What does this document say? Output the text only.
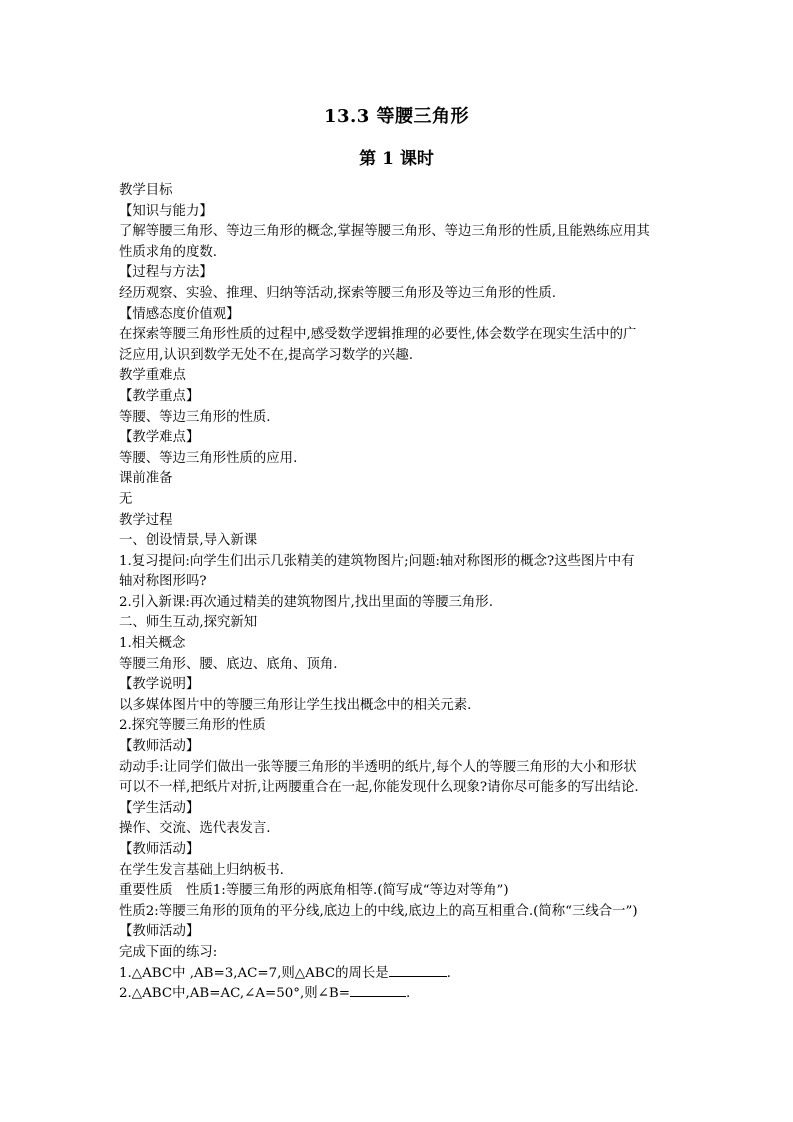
13.3 等腰三角形
第 1 课时
教学目标
【知识与能力】
了解等腰三角形、等边三角形的概念,掌握等腰三角形、等边三角形的性质,且能熟练应用其
性质求角的度数.
【过程与方法】
经历观察、实验、推理、归纳等活动,探索等腰三角形及等边三角形的性质.
【情感态度价值观】
在探索等腰三角形性质的过程中,感受数学逻辑推理的必要性,体会数学在现实生活中的广
泛应用,认识到数学无处不在,提高学习数学的兴趣.
教学重难点
【教学重点】
等腰、等边三角形的性质.
【教学难点】
等腰、等边三角形性质的应用.
课前准备
无
教学过程
一、创设情景,导入新课
1.复习提问:向学生们出示几张精美的建筑物图片;问题:轴对称图形的概念?这些图片中有
轴对称图形吗?
2.引入新课:再次通过精美的建筑物图片,找出里面的等腰三角形.
二、师生互动,探究新知
1.相关概念
等腰三角形、腰、底边、底角、顶角.
【教学说明】
以多媒体图片中的等腰三角形让学生找出概念中的相关元素.
2.探究等腰三角形的性质
【教师活动】
动动手:让同学们做出一张等腰三角形的半透明的纸片,每个人的等腰三角形的大小和形状
可以不一样,把纸片对折,让两腰重合在一起,你能发现什么现象?请你尽可能多的写出结论.
【学生活动】
操作、交流、选代表发言.
【教师活动】
在学生发言基础上归纳板书.
重要性质　性质1:等腰三角形的两底角相等.(简写成“等边对等角”)
性质2:等腰三角形的顶角的平分线,底边上的中线,底边上的高互相重合.(简称“三线合一”)
【教师活动】
完成下面的练习:
1.△ABC中 ,AB=3,AC=7,则△ABC的周长是	.
2.△ABC中,AB=AC,∠A=50°,则∠B=	.
